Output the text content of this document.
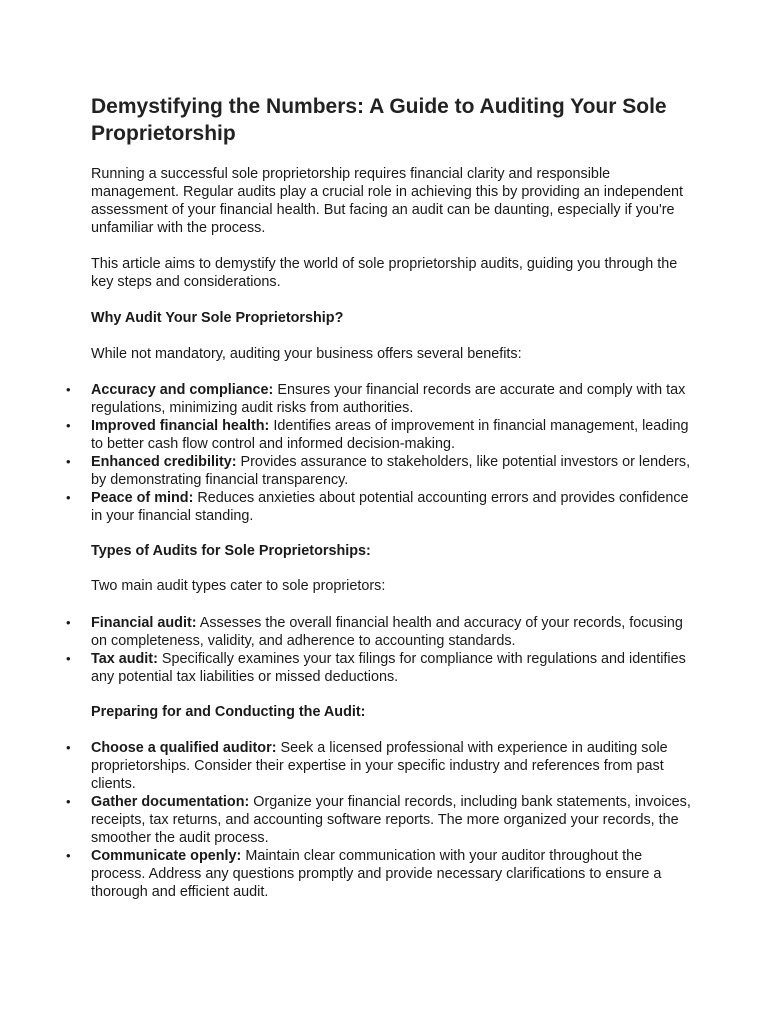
Demystifying the Numbers: A Guide to Auditing Your Sole Proprietorship

Running a successful sole proprietorship requires financial clarity and responsible management. Regular audits play a crucial role in achieving this by providing an independent assessment of your financial health. But facing an audit can be daunting, especially if you're unfamiliar with the process.

This article aims to demystify the world of sole proprietorship audits, guiding you through the key steps and considerations.

Why Audit Your Sole Proprietorship?

While not mandatory, auditing your business offers several benefits:

• Accuracy and compliance: Ensures your financial records are accurate and comply with tax regulations, minimizing audit risks from authorities.
• Improved financial health: Identifies areas of improvement in financial management, leading to better cash flow control and informed decision-making.
• Enhanced credibility: Provides assurance to stakeholders, like potential investors or lenders, by demonstrating financial transparency.
• Peace of mind: Reduces anxieties about potential accounting errors and provides confidence in your financial standing.

Types of Audits for Sole Proprietorships:

Two main audit types cater to sole proprietors:

• Financial audit: Assesses the overall financial health and accuracy of your records, focusing on completeness, validity, and adherence to accounting standards.
• Tax audit: Specifically examines your tax filings for compliance with regulations and identifies any potential tax liabilities or missed deductions.

Preparing for and Conducting the Audit:

• Choose a qualified auditor: Seek a licensed professional with experience in auditing sole proprietorships. Consider their expertise in your specific industry and references from past clients.
• Gather documentation: Organize your financial records, including bank statements, invoices, receipts, tax returns, and accounting software reports. The more organized your records, the smoother the audit process.
• Communicate openly: Maintain clear communication with your auditor throughout the process. Address any questions promptly and provide necessary clarifications to ensure a thorough and efficient audit.
